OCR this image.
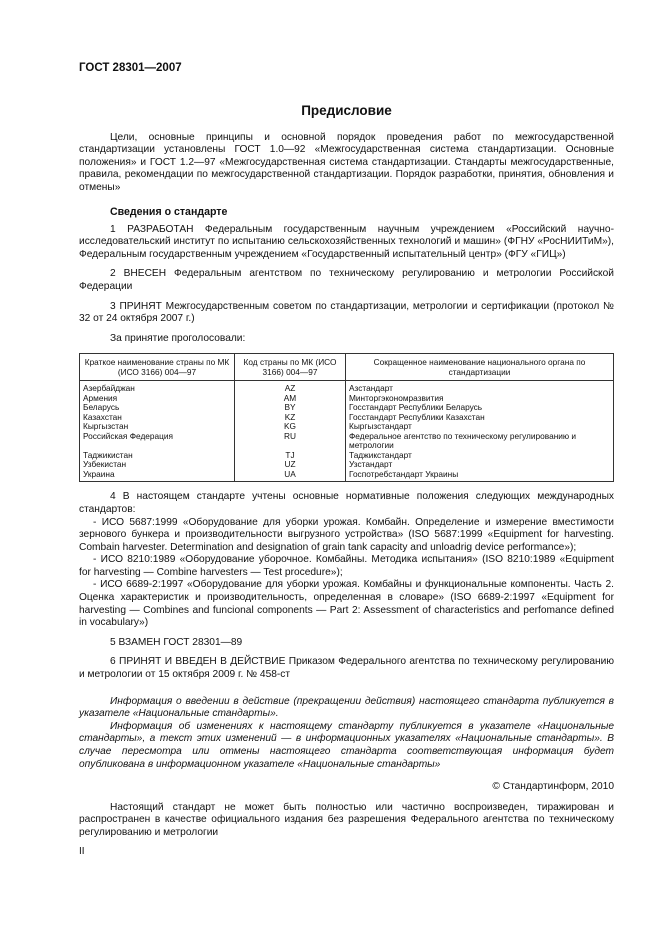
ГОСТ 28301—2007

Предисловие

Цели, основные принципы и основной порядок проведения работ по межгосударственной стандартизации установлены ГОСТ 1.0—92 «Межгосударственная система стандартизации. Основные положения» и ГОСТ 1.2—97 «Межгосударственная система стандартизации. Стандарты межгосударственные, правила, рекомендации по межгосударственной стандартизации. Порядок разработки, принятия, обновления и отмены»

Сведения о стандарте

1 РАЗРАБОТАН Федеральным государственным научным учреждением «Российский научно-исследовательский институт по испытанию сельскохозяйственных технологий и машин» (ФГНУ «РосНИИТиМ»), Федеральным государственным учреждением «Государственный испытательный центр» (ФГУ «ГИЦ»)

2 ВНЕСЕН Федеральным агентством по техническому регулированию и метрологии Российской Федерации

3 ПРИНЯТ Межгосударственным советом по стандартизации, метрологии и сертификации (протокол № 32 от 24 октября 2007 г.)

За принятие проголосовали:

Краткое наименование страны по МК (ИСО 3166) 004—97	Код страны по МК (ИСО 3166) 004—97	Сокращенное наименование национального органа по стандартизации
Азербайджан	AZ	Азстандарт
Армения	AM	Минторгэкономразвития
Беларусь	BY	Госстандарт Республики Беларусь
Казахстан	KZ	Госстандарт Республики Казахстан
Кыргызстан	KG	Кыргызстандарт
Российская Федерация	RU	Федеральное агентство по техническому регулированию и метрологии
Таджикистан	TJ	Таджикстандарт
Узбекистан	UZ	Узстандарт
Украина	UA	Госпотребстандарт Украины

4 В настоящем стандарте учтены основные нормативные положения следующих международных стандартов:

- ИСО 5687:1999 «Оборудование для уборки урожая. Комбайн. Определение и измерение вместимости зернового бункера и производительности выгрузного устройства» (ISO 5687:1999 «Equipment for harvesting. Combain harvester. Determination and designation of grain tank capacity and unloadrig device performance»);

- ИСО 8210:1989 «Оборудование уборочное. Комбайны. Методика испытания» (ISO 8210:1989 «Equipment for harvesting — Combine harvesters — Test procedure»);

- ИСО 6689-2:1997 «Оборудование для уборки урожая. Комбайны и функциональные компоненты. Часть 2. Оценка характеристик и производительность, определенная в словаре» (ISO 6689-2:1997 «Equipment for harvesting — Combines and funcional components — Part 2: Assessment of characteristics and perfomance defined in vocabulary»)

5 ВЗАМЕН ГОСТ 28301—89

6 ПРИНЯТ И ВВЕДЕН В ДЕЙСТВИЕ Приказом Федерального агентства по техническому регулированию и метрологии от 15 октября 2009 г. № 458-ст

Информация о введении в действие (прекращении действия) настоящего стандарта публикуется в указателе «Национальные стандарты».

Информация об изменениях к настоящему стандарту публикуется в указателе «Национальные стандарты», а текст этих изменений — в информационных указателях «Национальные стандарты». В случае пересмотра или отмены настоящего стандарта соответствующая информация будет опубликована в информационном указателе «Национальные стандарты»

© Стандартинформ, 2010

Настоящий стандарт не может быть полностью или частично воспроизведен, тиражирован и распространен в качестве официального издания без разрешения Федерального агентства по техническому регулированию и метрологии

II
